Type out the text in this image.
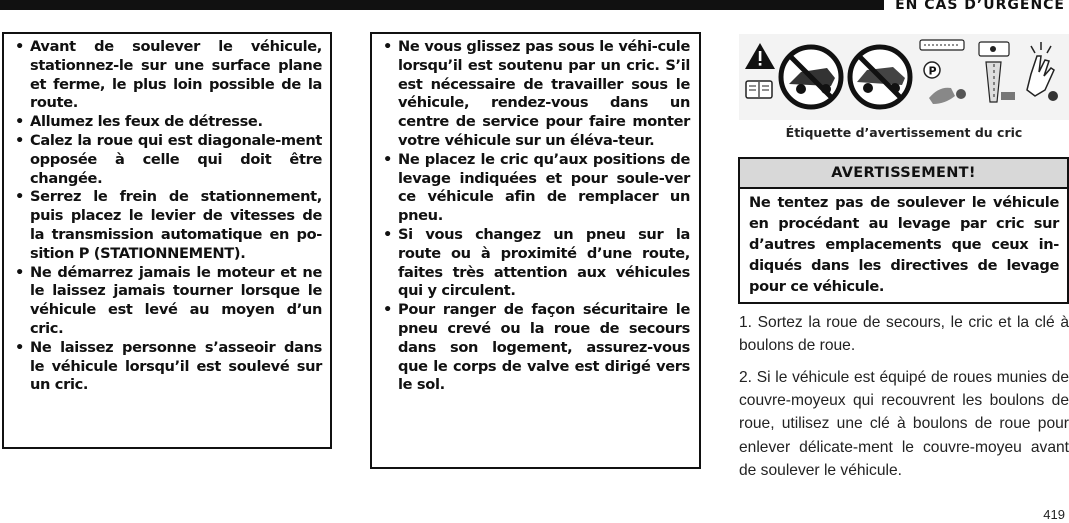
EN CAS D’URGENCE
• Avant de soulever le véhicule, stationnez-le sur une surface plane et ferme, le plus loin possible de la route.
• Allumez les feux de détresse.
• Calez la roue qui est diagonale-ment opposée à celle qui doit être changée.
• Serrez le frein de stationnement, puis placez le levier de vitesses de la transmission automatique en po-sition P (STATIONNEMENT).
• Ne démarrez jamais le moteur et ne le laissez jamais tourner lorsque le véhicule est levé au moyen d’un cric.
• Ne laissez personne s’asseoir dans le véhicule lorsqu’il est soulevé sur un cric.
• Ne vous glissez pas sous le véhi-cule lorsqu’il est soutenu par un cric. S’il est nécessaire de travailler sous le véhicule, rendez-vous dans un centre de service pour faire monter votre véhicule sur un éléva-teur.
• Ne placez le cric qu’aux positions de levage indiquées et pour soule-ver ce véhicule afin de remplacer un pneu.
• Si vous changez un pneu sur la route ou à proximité d’une route, faites très attention aux véhicules qui y circulent.
• Pour ranger de façon sécuritaire le pneu crevé ou la roue de secours dans son logement, assurez-vous que le corps de valve est dirigé vers le sol.
P
Étiquette d’avertissement du cric
AVERTISSEMENT!
Ne tentez pas de soulever le véhicule en procédant au levage par cric sur d’autres emplacements que ceux in-diqués dans les directives de levage pour ce véhicule.
1. Sortez la roue de secours, le cric et la clé à boulons de roue.
2. Si le véhicule est équipé de roues munies de couvre-moyeux qui recouvrent les boulons de roue, utilisez une clé à boulons de roue pour enlever délicate-ment le couvre-moyeu avant de soulever le véhicule.
419
